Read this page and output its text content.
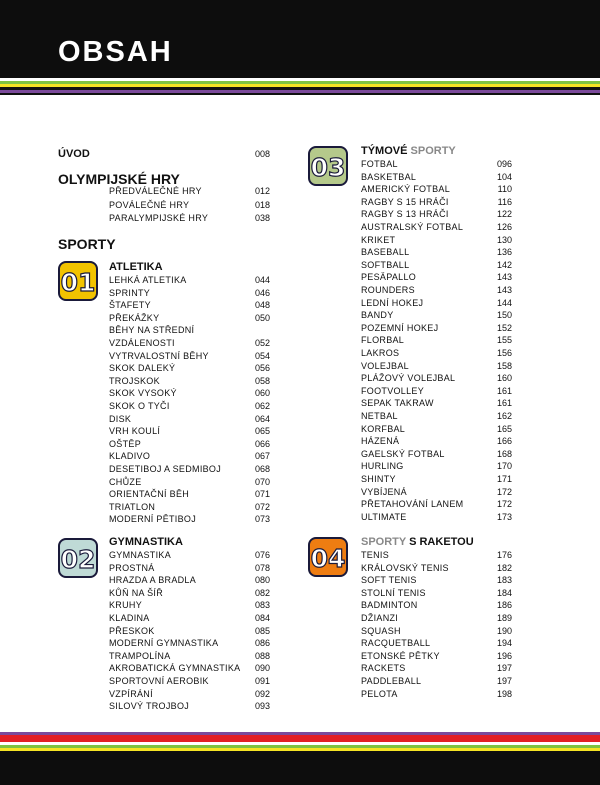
OBSAH
ÚVOD	008
OLYMPIJSKÉ HRY
PŘEDVÁLEČNÉ HRY	012
POVÁLEČNÉ HRY	018
PARALYMPIJSKÉ HRY	038
SPORTY
01
ATLETIKA
LEHKÁ ATLETIKA	044
SPRINTY	046
ŠTAFETY	048
PŘEKÁŽKY	050
BĚHY NA STŘEDNÍ
VZDÁLENOSTI	052
VYTRVALOSTNÍ BĚHY	054
SKOK DALEKÝ	056
TROJSKOK	058
SKOK VYSOKÝ	060
SKOK O TYČI	062
DISK	064
VRH KOULÍ	065
OŠTĚP	066
KLADIVO	067
DESETIBOJ A SEDMIBOJ	068
CHŮZE	070
ORIENTAČNÍ BĚH	071
TRIATLON	072
MODERNÍ PĚTIBOJ	073
02
GYMNASTIKA
GYMNASTIKA	076
PROSTNÁ	078
HRAZDA A BRADLA	080
KŮŇ NA ŠÍŘ	082
KRUHY	083
KLADINA	084
PŘESKOK	085
MODERNÍ GYMNASTIKA	086
TRAMPOLÍNA	088
AKROBATICKÁ GYMNASTIKA	090
SPORTOVNÍ AEROBIK	091
VZPÍRÁNÍ	092
SILOVÝ TROJBOJ	093
03
TÝMOVÉ SPORTY
FOTBAL	096
BASKETBAL	104
AMERICKÝ FOTBAL	110
RAGBY S 15 HRÁČI	116
RAGBY S 13 HRÁČI	122
AUSTRALSKÝ FOTBAL	126
KRIKET	130
BASEBALL	136
SOFTBALL	142
PESÄPALLO	143
ROUNDERS	143
LEDNÍ HOKEJ	144
BANDY	150
POZEMNÍ HOKEJ	152
FLORBAL	155
LAKROS	156
VOLEJBAL	158
PLÁŽOVÝ VOLEJBAL	160
FOOTVOLLEY	161
SEPAK TAKRAW	161
NETBAL	162
KORFBAL	165
HÁZENÁ	166
GAELSKÝ FOTBAL	168
HURLING	170
SHINTY	171
VYBÍJENÁ	172
PŘETAHOVÁNÍ LANEM	172
ULTIMATE	173
04
SPORTY S RAKETOU
TENIS	176
KRÁLOVSKÝ TENIS	182
SOFT TENIS	183
STOLNÍ TENIS	184
BADMINTON	186
DŽIANZI	189
SQUASH	190
RACQUETBALL	194
ETONSKÉ PĚTKY	196
RACKETS	197
PADDLEBALL	197
PELOTA	198
